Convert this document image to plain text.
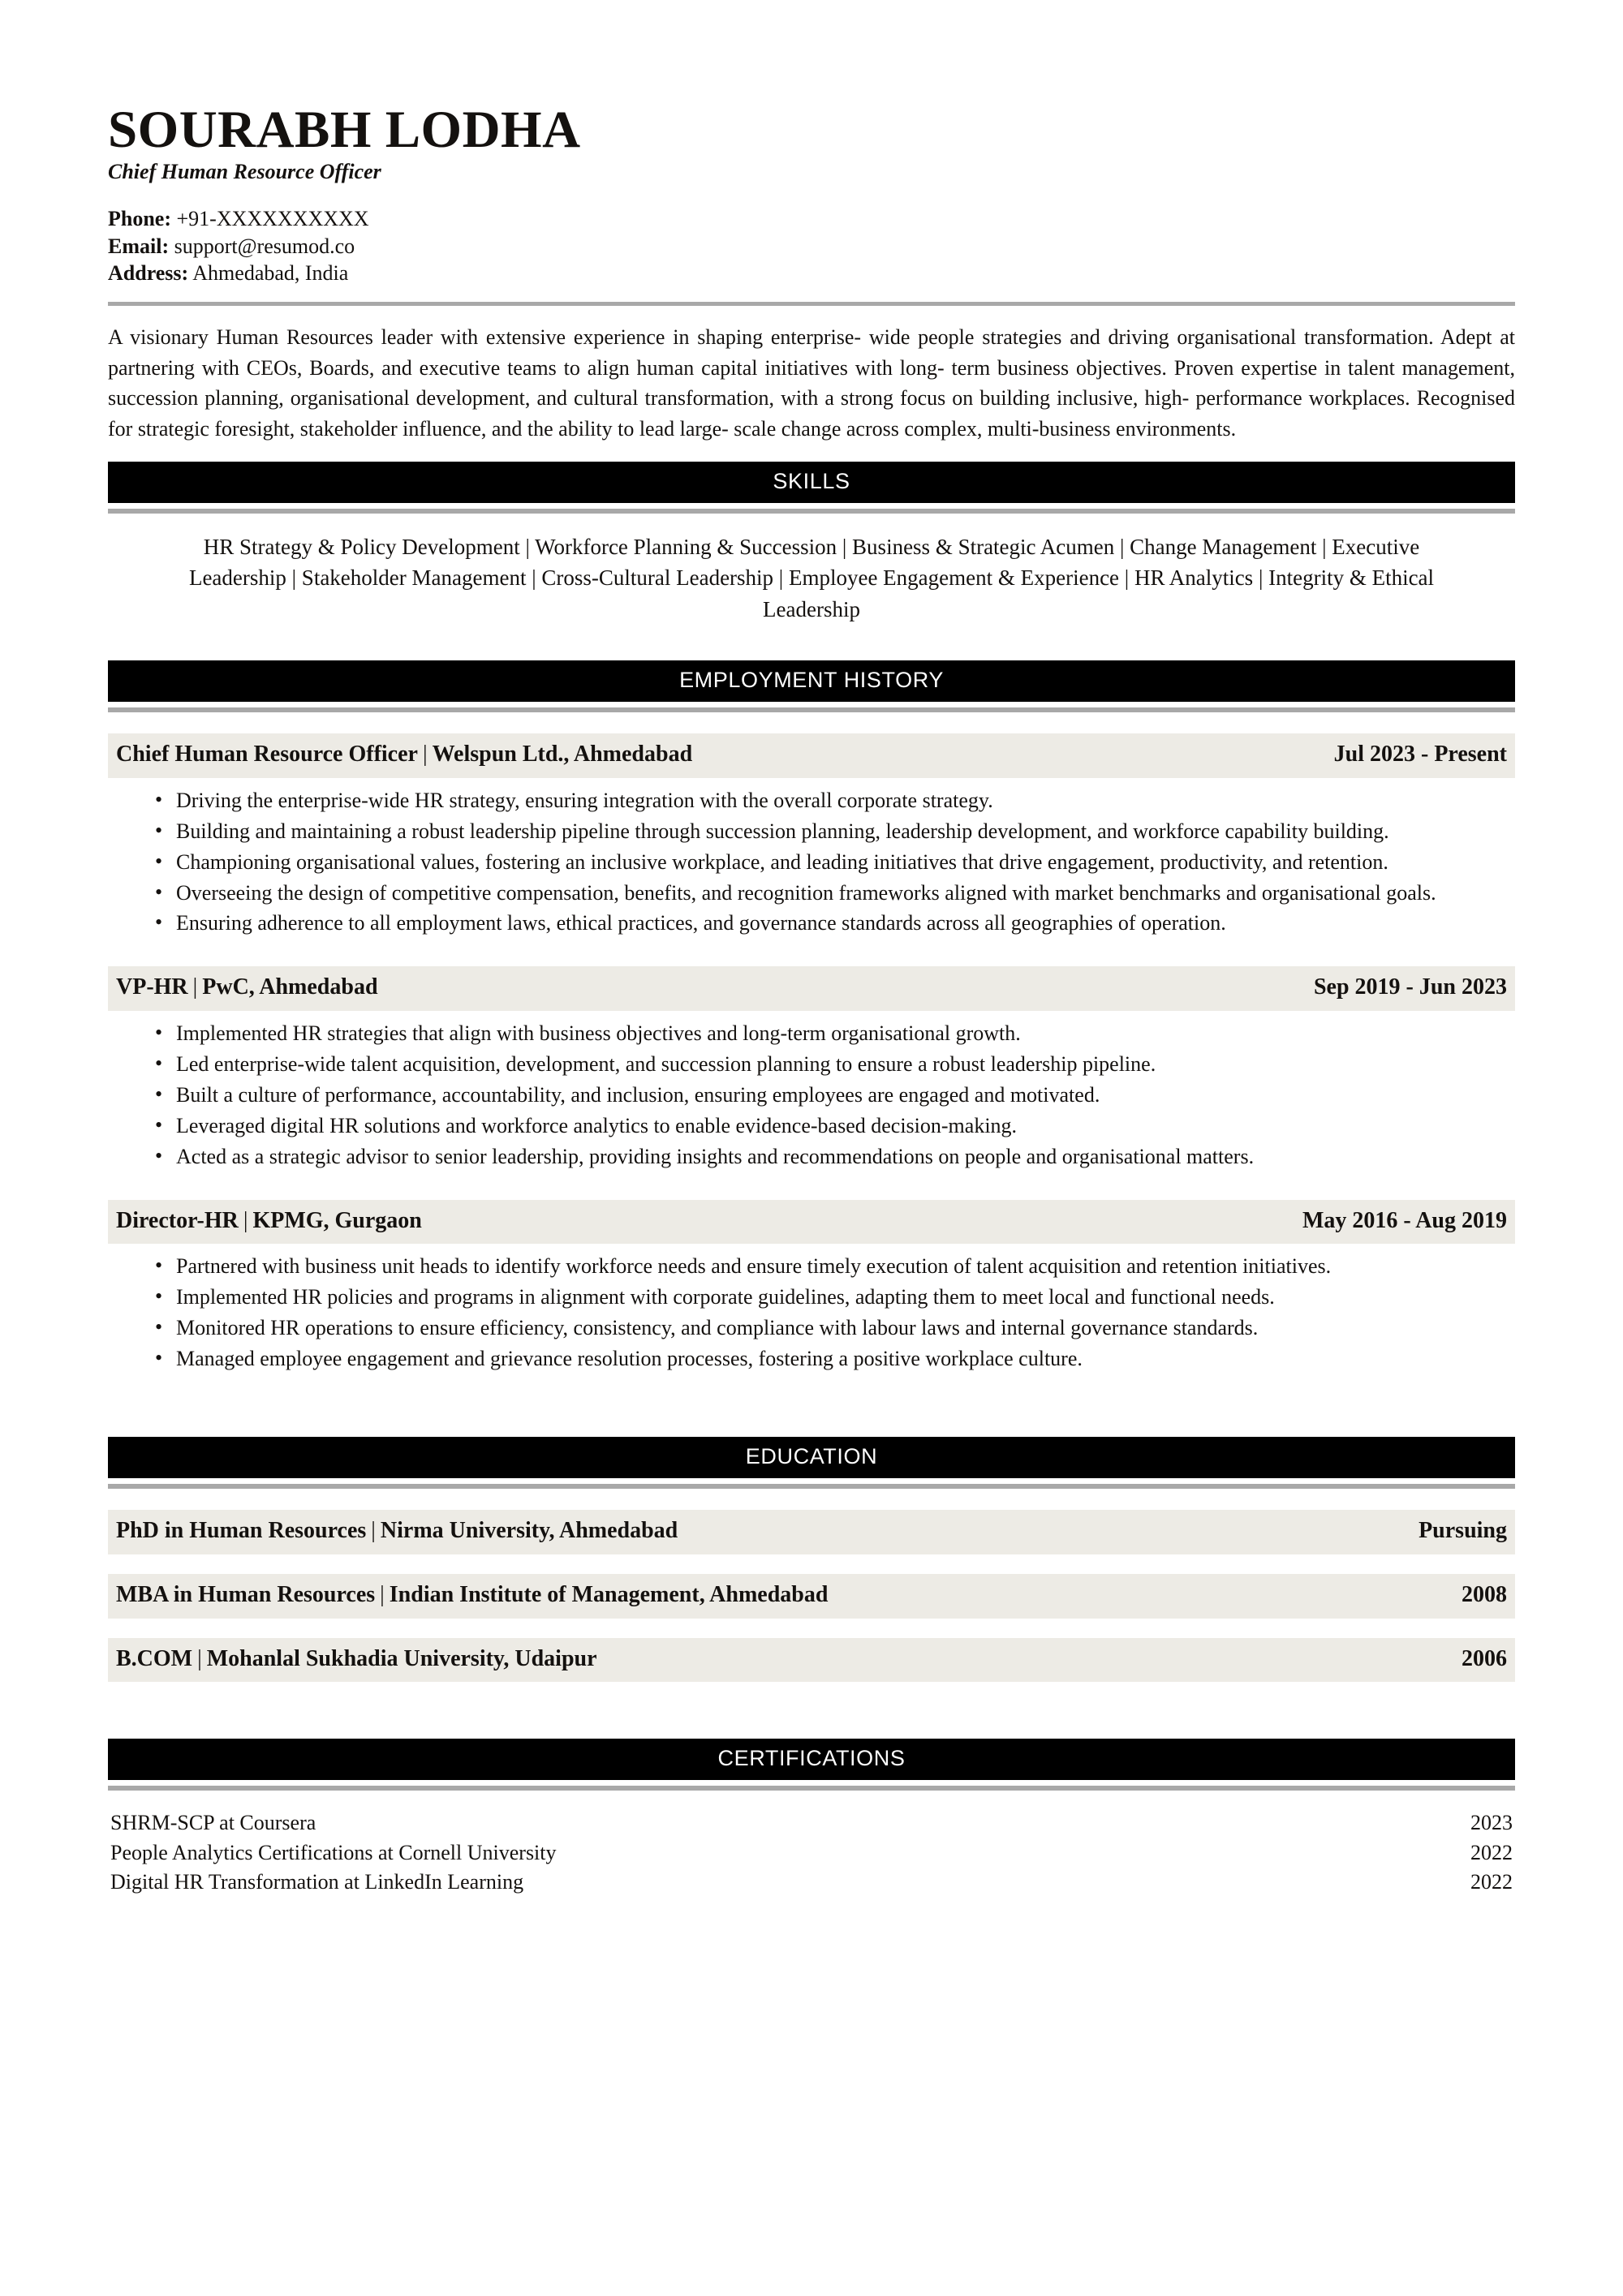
SOURABH LODHA
Chief Human Resource Officer

Phone: +91-XXXXXXXXXX

Email: support@resumod.co

Address: Ahmedabad, India

A visionary Human Resources leader with extensive experience in shaping enterprise- wide people strategies and driving organisational transformation. Adept at partnering with CEOs, Boards, and executive teams to align human capital initiatives with long- term business objectives. Proven expertise in talent management, succession planning, organisational development, and cultural transformation, with a strong focus on building inclusive, high- performance workplaces. Recognised for strategic foresight, stakeholder influence, and the ability to lead large- scale change across complex, multi-business environments.

SKILLS
HR Strategy & Policy Development | Workforce Planning & Succession | Business & Strategic Acumen | Change Management | Executive Leadership | Stakeholder Management | Cross-Cultural Leadership | Employee Engagement & Experience | HR Analytics | Integrity & Ethical Leadership
EMPLOYMENT HISTORY
Chief Human Resource Officer | Welspun Ltd., Ahmedabad	Jul 2023 - Present
• Driving the enterprise-wide HR strategy, ensuring integration with the overall corporate strategy.
• Building and maintaining a robust leadership pipeline through succession planning, leadership development, and workforce capability building.
• Championing organisational values, fostering an inclusive workplace, and leading initiatives that drive engagement, productivity, and retention.
• Overseeing the design of competitive compensation, benefits, and recognition frameworks aligned with market benchmarks and organisational goals.
• Ensuring adherence to all employment laws, ethical practices, and governance standards across all geographies of operation.
VP-HR | PwC, Ahmedabad	Sep 2019 - Jun 2023
• Implemented HR strategies that align with business objectives and long-term organisational growth.
• Led enterprise-wide talent acquisition, development, and succession planning to ensure a robust leadership pipeline.
• Built a culture of performance, accountability, and inclusion, ensuring employees are engaged and motivated.
• Leveraged digital HR solutions and workforce analytics to enable evidence-based decision-making.
• Acted as a strategic advisor to senior leadership, providing insights and recommendations on people and organisational matters.
Director-HR | KPMG, Gurgaon	May 2016 - Aug 2019
• Partnered with business unit heads to identify workforce needs and ensure timely execution of talent acquisition and retention initiatives.
• Implemented HR policies and programs in alignment with corporate guidelines, adapting them to meet local and functional needs.
• Monitored HR operations to ensure efficiency, consistency, and compliance with labour laws and internal governance standards.
• Managed employee engagement and grievance resolution processes, fostering a positive workplace culture.
EDUCATION
PhD in Human Resources | Nirma University, Ahmedabad	Pursuing
MBA in Human Resources | Indian Institute of Management, Ahmedabad	2008
B.COM | Mohanlal Sukhadia University, Udaipur	2006
CERTIFICATIONS
SHRM-SCP at Coursera	2023
People Analytics Certifications at Cornell University	2022
Digital HR Transformation at LinkedIn Learning	2022
